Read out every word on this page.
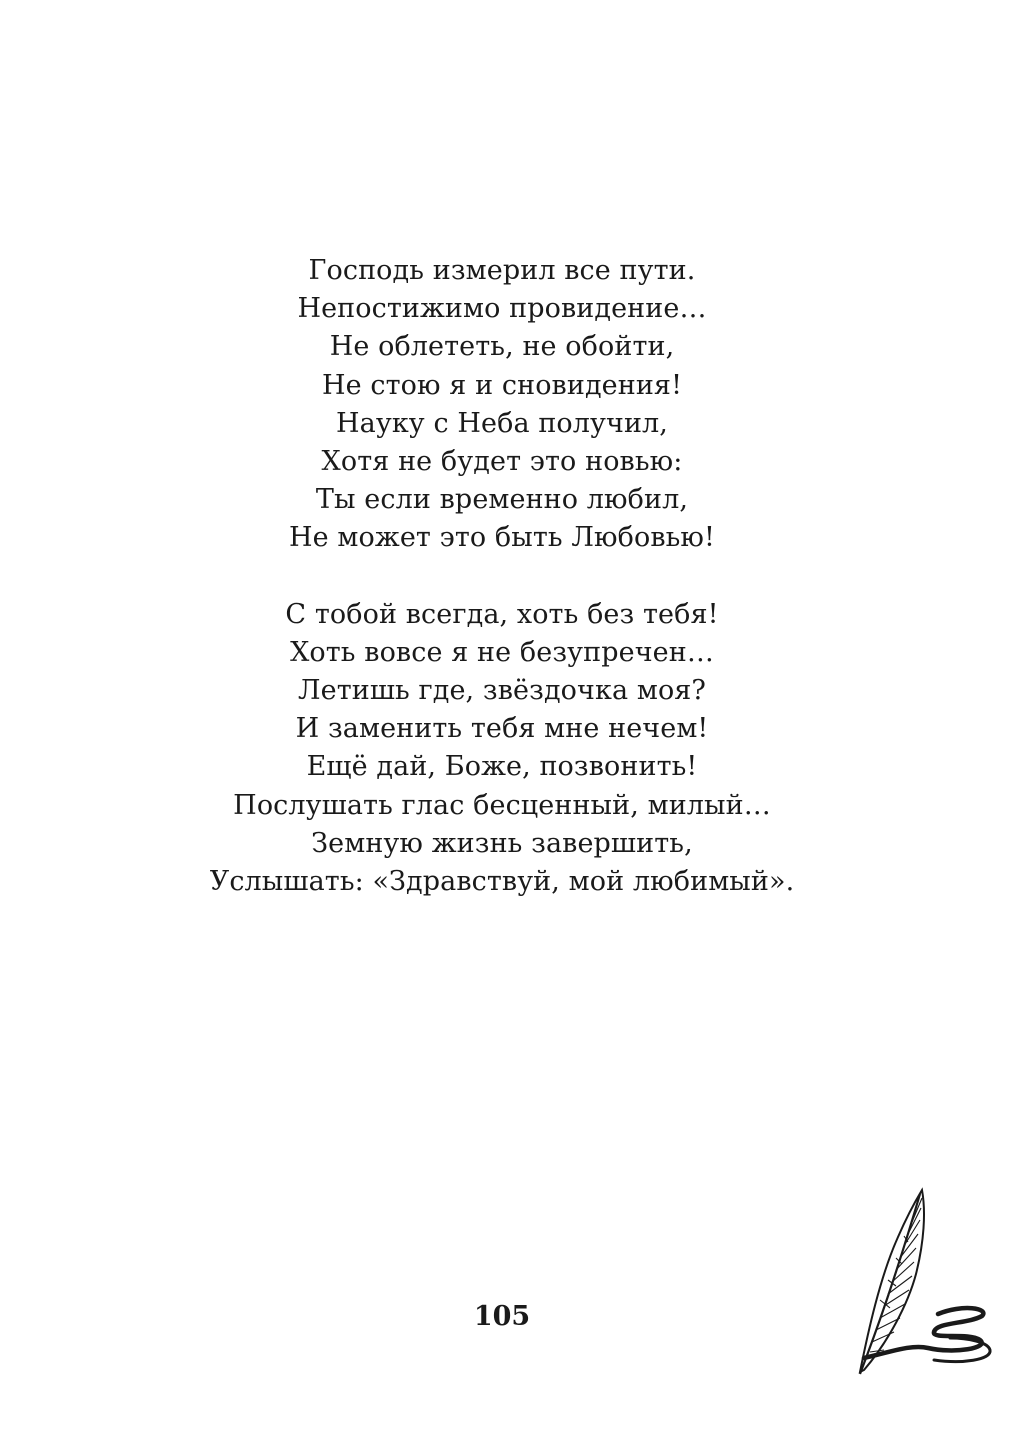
Господь измерил все пути.
Непостижимо провидение…
Не облететь, не обойти,
Не стою я и сновидения!
Науку с Неба получил,
Хотя не будет это новью:
Ты если временно любил,
Не может это быть Любовью!

С тобой всегда, хоть без тебя!
Хоть вовсе я не безупречен…
Летишь где, звёздочка моя?
И заменить тебя мне нечем!
Ещё дай, Боже, позвонить!
Послушать глас бесценный, милый…
Земную жизнь завершить,
Услышать: «Здравствуй, мой любимый».

105
